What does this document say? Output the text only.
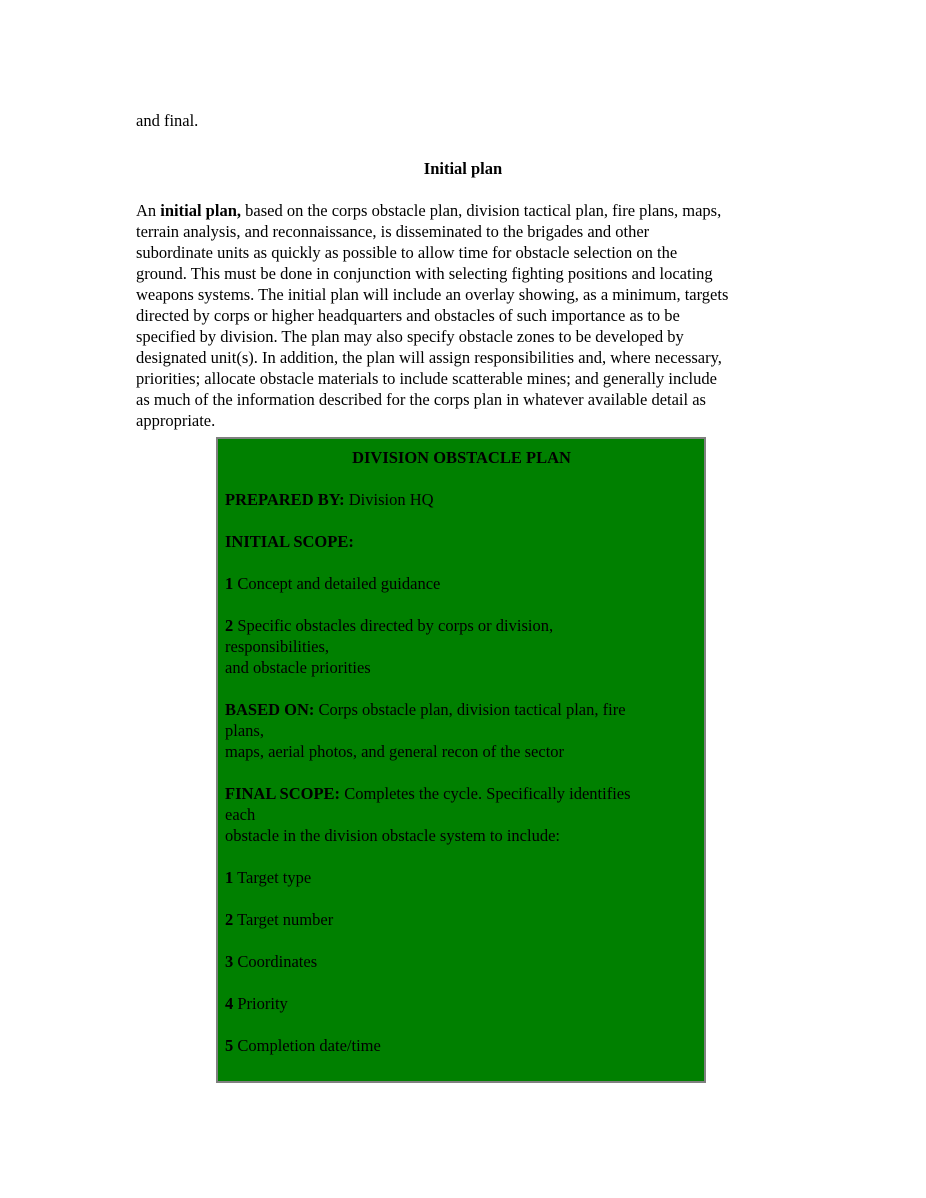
and final.

Initial plan

An initial plan, based on the corps obstacle plan, division tactical plan, fire plans, maps,
terrain analysis, and reconnaissance, is disseminated to the brigades and other
subordinate units as quickly as possible to allow time for obstacle selection on the
ground. This must be done in conjunction with selecting fighting positions and locating
weapons systems. The initial plan will include an overlay showing, as a minimum, targets
directed by corps or higher headquarters and obstacles of such importance as to be
specified by division. The plan may also specify obstacle zones to be developed by
designated unit(s). In addition, the plan will assign responsibilities and, where necessary,
priorities; allocate obstacle materials to include scatterable mines; and generally include
as much of the information described for the corps plan in whatever available detail as
appropriate.

DIVISION OBSTACLE PLAN
PREPARED BY: Division HQ
INITIAL SCOPE:
1 Concept and detailed guidance
2 Specific obstacles directed by corps or division,
responsibilities,
and obstacle priorities
BASED ON: Corps obstacle plan, division tactical plan, fire
plans,
maps, aerial photos, and general recon of the sector
FINAL SCOPE: Completes the cycle. Specifically identifies
each
obstacle in the division obstacle system to include:
1 Target type
2 Target number
3 Coordinates
4 Priority
5 Completion date/time
